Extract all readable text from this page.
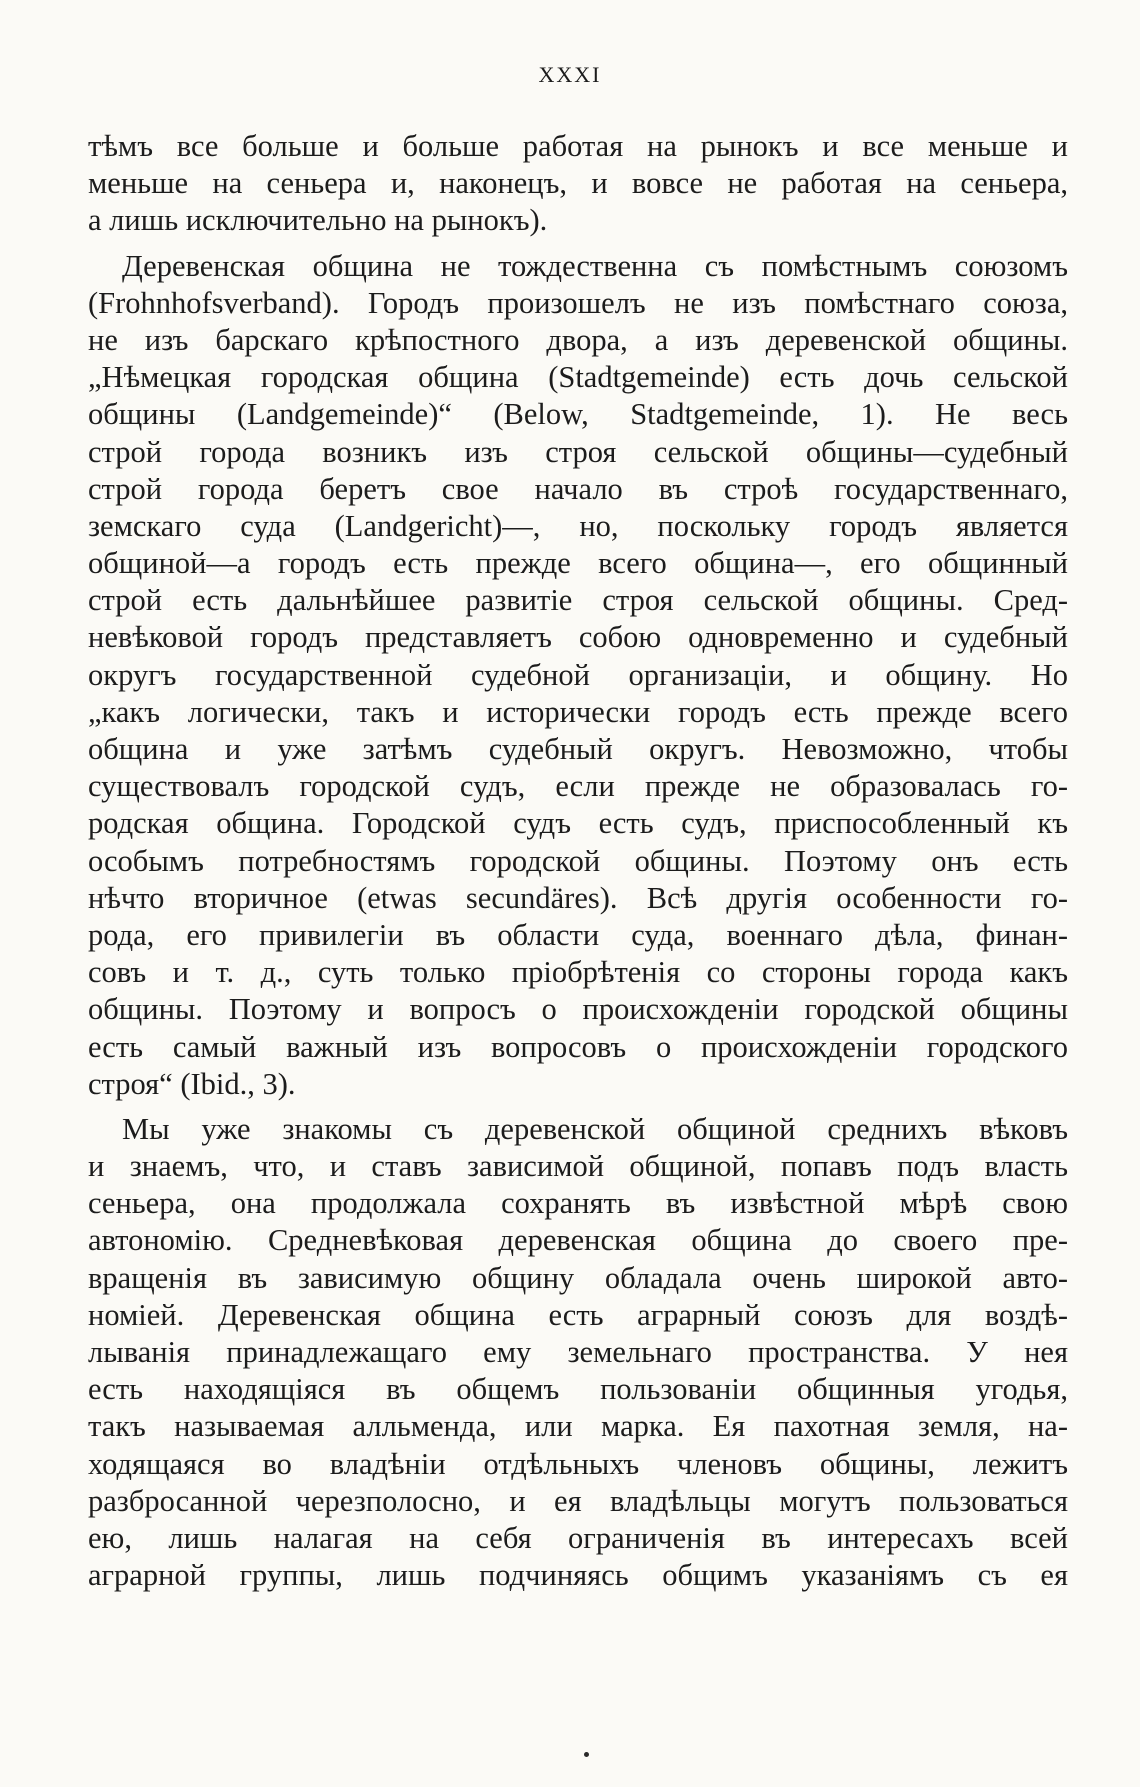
XXXI
тѣмъ все больше и больше работая на рынокъ и все меньше и
меньше на сеньера и, наконецъ, и вовсе не работая на сеньера,
а лишь исключительно на рынокъ).
Деревенская община не тождественна съ помѣстнымъ союзомъ
(Frohnhofsverband). Городъ произошелъ не изъ помѣстнаго союза,
не изъ барскаго крѣпостного двора, а изъ деревенской общины.
„Нѣмецкая городская община (Stadtgemeinde) есть дочь сельской
общины (Landgemeinde)“ (Below, Stadtgemeinde, 1). Не весь
строй города возникъ изъ строя сельской общины—судебный
строй города беретъ свое начало въ строѣ государственнаго,
земскаго суда (Landgericht)—, но, поскольку городъ является
общиной—а городъ есть прежде всего община—, его общинный
строй есть дальнѣйшее развитіе строя сельской общины. Сред-
невѣковой городъ представляетъ собою одновременно и судебный
округъ государственной судебной организаціи, и общину. Но
„какъ логически, такъ и исторически городъ есть прежде всего
община и уже затѣмъ судебный округъ. Невозможно, чтобы
существовалъ городской судъ, если прежде не образовалась го-
родская община. Городской судъ есть судъ, приспособленный къ
особымъ потребностямъ городской общины. Поэтому онъ есть
нѣчто вторичное (etwas secundäres). Всѣ другія особенности го-
рода, его привилегіи въ области суда, военнаго дѣла, финан-
совъ и т. д., суть только пріобрѣтенія со стороны города какъ
общины. Поэтому и вопросъ о происхожденіи городской общины
есть самый важный изъ вопросовъ о происхожденіи городского
строя“ (Ibid., 3).
Мы уже знакомы съ деревенской общиной среднихъ вѣковъ
и знаемъ, что, и ставъ зависимой общиной, попавъ подъ власть
сеньера, она продолжала сохранять въ извѣстной мѣрѣ свою
автономію. Средневѣковая деревенская община до своего пре-
вращенія въ зависимую общину обладала очень широкой авто-
номіей. Деревенская община есть аграрный союзъ для воздѣ-
лыванія принадлежащаго ему земельнаго пространства. У нея
есть находящіяся въ общемъ пользованіи общинныя угодья,
такъ называемая алльменда, или марка. Ея пахотная земля, на-
ходящаяся во владѣніи отдѣльныхъ членовъ общины, лежитъ
разбросанной черезполосно, и ея владѣльцы могутъ пользоваться
ею, лишь налагая на себя ограниченія въ интересахъ всей
аграрной группы, лишь подчиняясь общимъ указаніямъ съ ея
